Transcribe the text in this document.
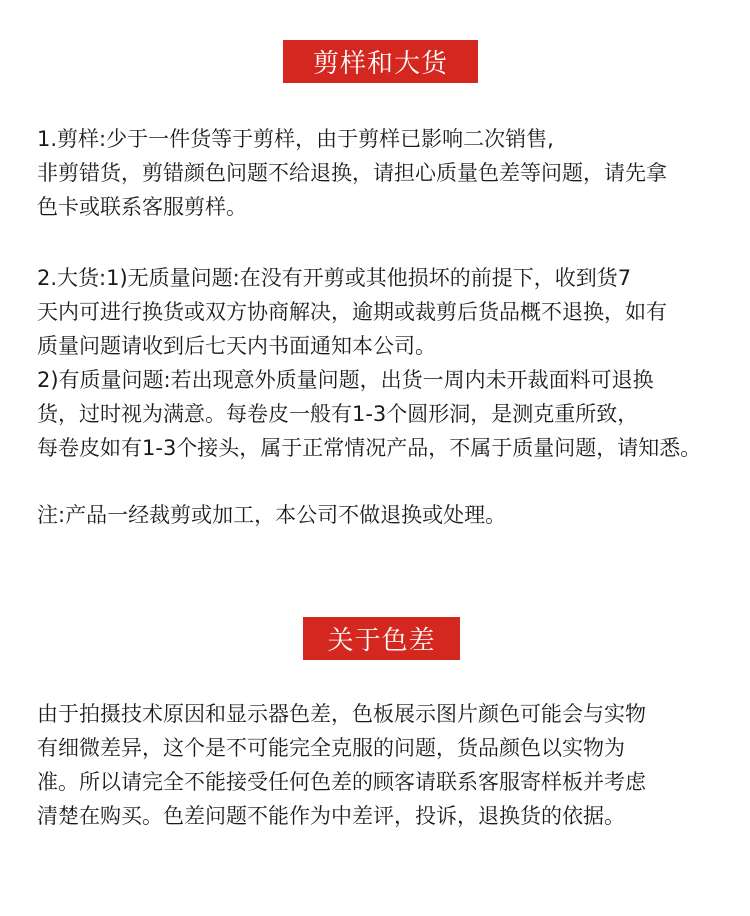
剪样和大货
1.剪样:少于一件货等于剪样，由于剪样已影响二次销售,
非剪错货，剪错颜色问题不给退换，请担心质量色差等问题，请先拿
色卡或联系客服剪样。
2.大货:1)无质量问题:在没有开剪或其他损坏的前提下，收到货7
天内可进行换货或双方协商解决，逾期或裁剪后货品概不退换，如有
质量问题请收到后七天内书面通知本公司。
2)有质量问题:若出现意外质量问题，出货一周内未开裁面料可退换
货，过时视为满意。每卷皮一般有1-3个圆形洞，是测克重所致，
每卷皮如有1-3个接头，属于正常情况产品，不属于质量问题，请知悉。
注:产品一经裁剪或加工，本公司不做退换或处理。
关于色差
由于拍摄技术原因和显示器色差，色板展示图片颜色可能会与实物
有细微差异，这个是不可能完全克服的问题，货品颜色以实物为
准。所以请完全不能接受任何色差的顾客请联系客服寄样板并考虑
清楚在购买。色差问题不能作为中差评，投诉，退换货的依据。
